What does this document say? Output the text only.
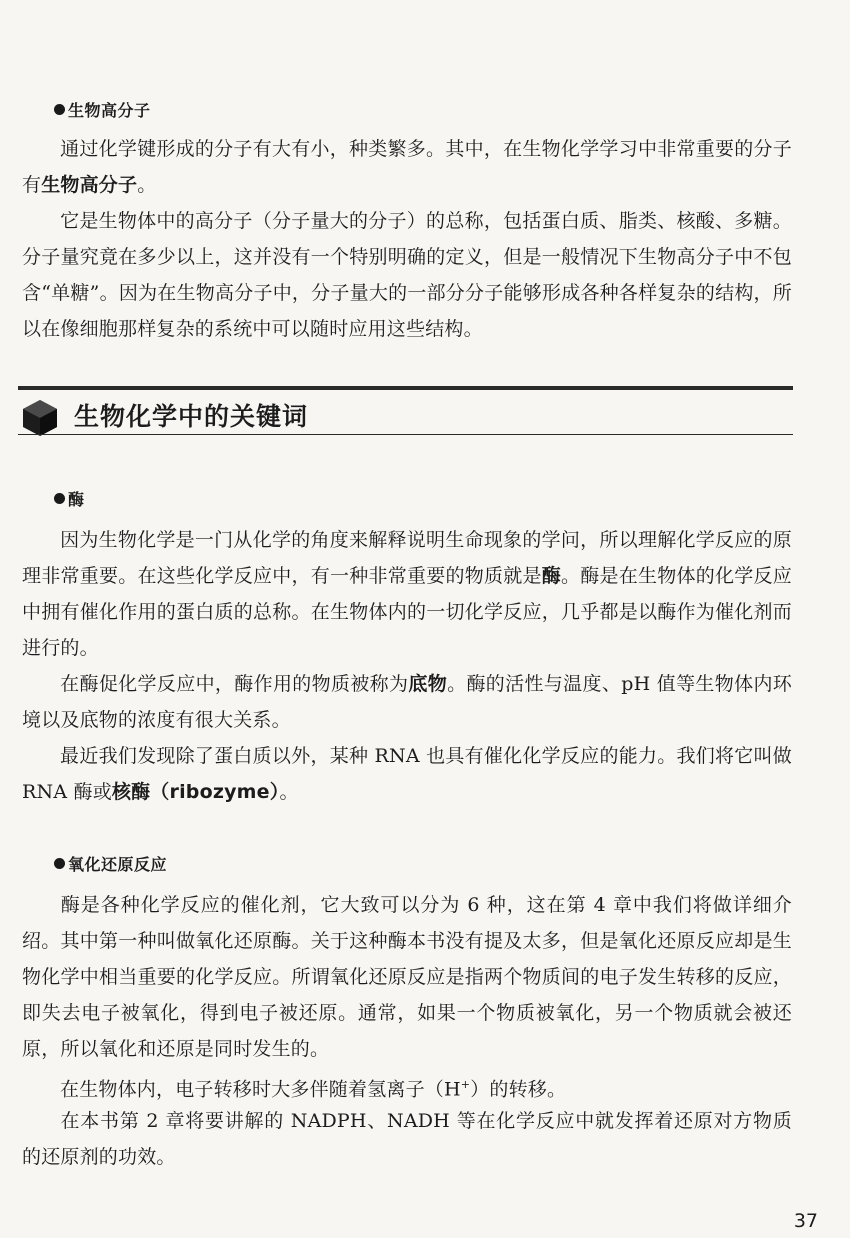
生物高分子
通过化学键形成的分子有大有小，种类繁多。其中，在生物化学学习中非常重要的分子有生物高分子。
它是生物体中的高分子（分子量大的分子）的总称，包括蛋白质、脂类、核酸、多糖。分子量究竟在多少以上，这并没有一个特别明确的定义，但是一般情况下生物高分子中不包含“单糖”。因为在生物高分子中，分子量大的一部分分子能够形成各种各样复杂的结构，所以在像细胞那样复杂的系统中可以随时应用这些结构。
生物化学中的关键词
酶
因为生物化学是一门从化学的角度来解释说明生命现象的学问，所以理解化学反应的原理非常重要。在这些化学反应中，有一种非常重要的物质就是酶。酶是在生物体的化学反应中拥有催化作用的蛋白质的总称。在生物体内的一切化学反应，几乎都是以酶作为催化剂而进行的。
在酶促化学反应中，酶作用的物质被称为底物。酶的活性与温度、pH 值等生物体内环境以及底物的浓度有很大关系。
最近我们发现除了蛋白质以外，某种 RNA 也具有催化化学反应的能力。我们将它叫做 RNA 酶或核酶（ribozyme）。
氧化还原反应
酶是各种化学反应的催化剂，它大致可以分为 6 种，这在第 4 章中我们将做详细介绍。其中第一种叫做氧化还原酶。关于这种酶本书没有提及太多，但是氧化还原反应却是生物化学中相当重要的化学反应。所谓氧化还原反应是指两个物质间的电子发生转移的反应，即失去电子被氧化，得到电子被还原。通常，如果一个物质被氧化，另一个物质就会被还原，所以氧化和还原是同时发生的。
在生物体内，电子转移时大多伴随着氢离子（H+）的转移。
在本书第 2 章将要讲解的 NADPH、NADH 等在化学反应中就发挥着还原对方物质的还原剂的功效。
37
